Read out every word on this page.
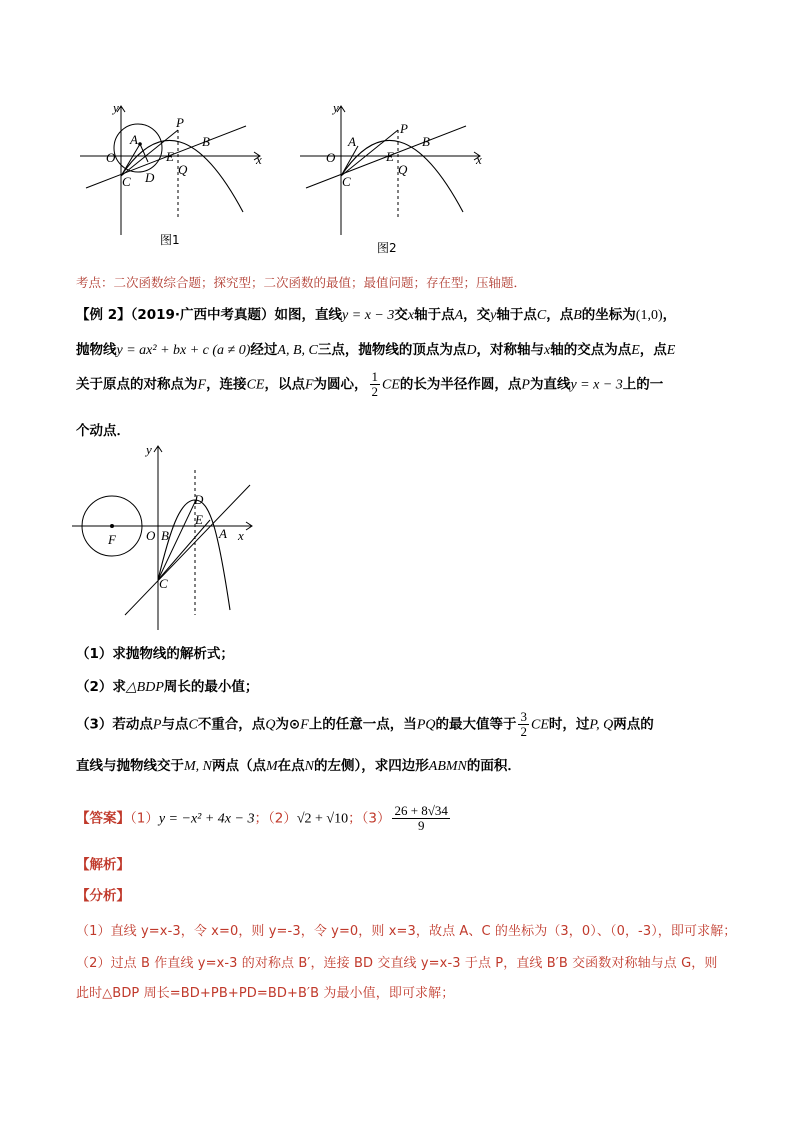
y
x
O
A
P
B
E
Q
C D
图1
y
x
O
A
P
B
E
Q
C
图2
考点：二次函数综合题；探究型；二次函数的最值；最值问题；存在型；压轴题．
【例 2】（2019·广西中考真题）如图，直线y = x − 3交x轴于点A，交y轴于点C，点B的坐标为(1,0)，
抛物线y = ax² + bx + c (a ≠ 0)经过A, B, C三点，抛物线的顶点为点D，对称轴与x轴的交点为点E，点E
关于原点的对称点为F，连接CE，以点F为圆心， $\frac{1}{2}$ CE的长为半径作圆，点P为直线y = x − 3上的一
个动点．
y
x
F O B
D
E
A
C
（1）求抛物线的解析式；
（2）求△BDP周长的最小值；
（3）若动点P与点C不重合，点Q为⊙F上的任意一点，当PQ的最大值等于 $\frac{3}{2}$ CE时，过P, Q两点的
直线与抛物线交于M, N两点（点M在点N的左侧），求四边形ABMN的面积．
【答案】（1）y = −x² + 4x − 3；（2）√2 + √10；$(3) \frac{26 + 8√34}{9}$
【解析】
【分析】
（1）直线 y=x-3，令 x=0，则 y=-3，令 y=0，则 x=3，故点 A、C 的坐标为（3，0）、（0，-3），即可求解；
（2）过点 B 作直线 y=x-3 的对称点 B′，连接 BD 交直线 y=x-3 于点 P，直线 B′B 交函数对称轴与点 G，则
此时△BDP 周长=BD+PB+PD=BD+B′B 为最小值，即可求解；
